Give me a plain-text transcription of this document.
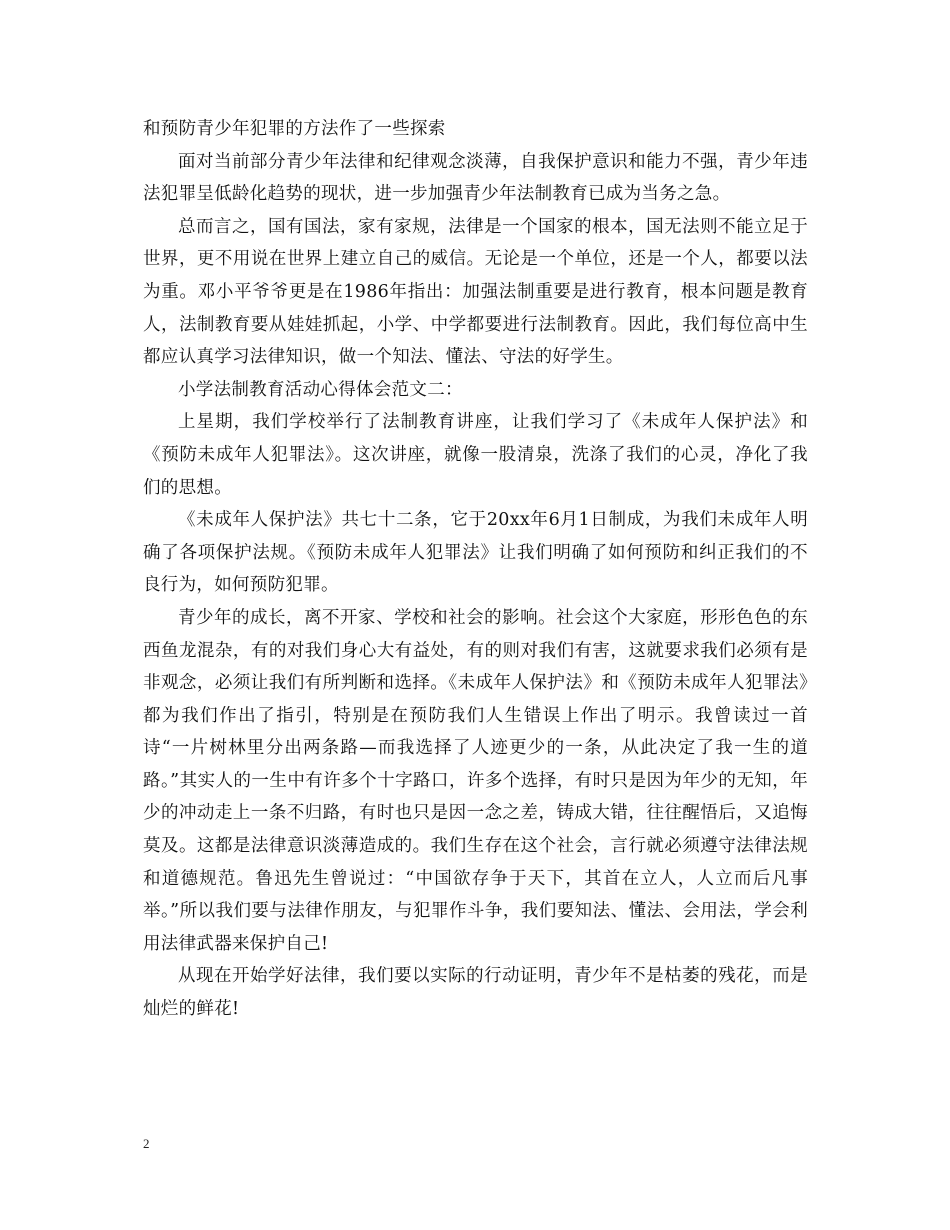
和预防青少年犯罪的方法作了一些探索

面对当前部分青少年法律和纪律观念淡薄，自我保护意识和能力不强，青少年违法犯罪呈低龄化趋势的现状，进一步加强青少年法制教育已成为当务之急。

总而言之，国有国法，家有家规，法律是一个国家的根本，国无法则不能立足于世界，更不用说在世界上建立自己的威信。无论是一个单位，还是一个人，都要以法为重。邓小平爷爷更是在1986年指出：加强法制重要是进行教育，根本问题是教育人，法制教育要从娃娃抓起，小学、中学都要进行法制教育。因此，我们每位高中生都应认真学习法律知识，做一个知法、懂法、守法的好学生。

小学法制教育活动心得体会范文二：

上星期，我们学校举行了法制教育讲座，让我们学习了《未成年人保护法》和《预防未成年人犯罪法》。这次讲座，就像一股清泉，洗涤了我们的心灵，净化了我们的思想。

《未成年人保护法》共七十二条，它于20xx年6月1日制成，为我们未成年人明确了各项保护法规。《预防未成年人犯罪法》让我们明确了如何预防和纠正我们的不良行为，如何预防犯罪。

青少年的成长，离不开家、学校和社会的影响。社会这个大家庭，形形色色的东西鱼龙混杂，有的对我们身心大有益处，有的则对我们有害，这就要求我们必须有是非观念，必须让我们有所判断和选择。《未成年人保护法》和《预防未成年人犯罪法》都为我们作出了指引，特别是在预防我们人生错误上作出了明示。我曾读过一首诗“一片树林里分出两条路—而我选择了人迹更少的一条，从此决定了我一生的道路。”其实人的一生中有许多个十字路口，许多个选择，有时只是因为年少的无知，年少的冲动走上一条不归路，有时也只是因一念之差，铸成大错，往往醒悟后，又追悔莫及。这都是法律意识淡薄造成的。我们生存在这个社会，言行就必须遵守法律法规和道德规范。鲁迅先生曾说过：“中国欲存争于天下，其首在立人，人立而后凡事举。”所以我们要与法律作朋友，与犯罪作斗争，我们要知法、懂法、会用法，学会利用法律武器来保护自己!

从现在开始学好法律，我们要以实际的行动证明，青少年不是枯萎的残花，而是灿烂的鲜花!

2
